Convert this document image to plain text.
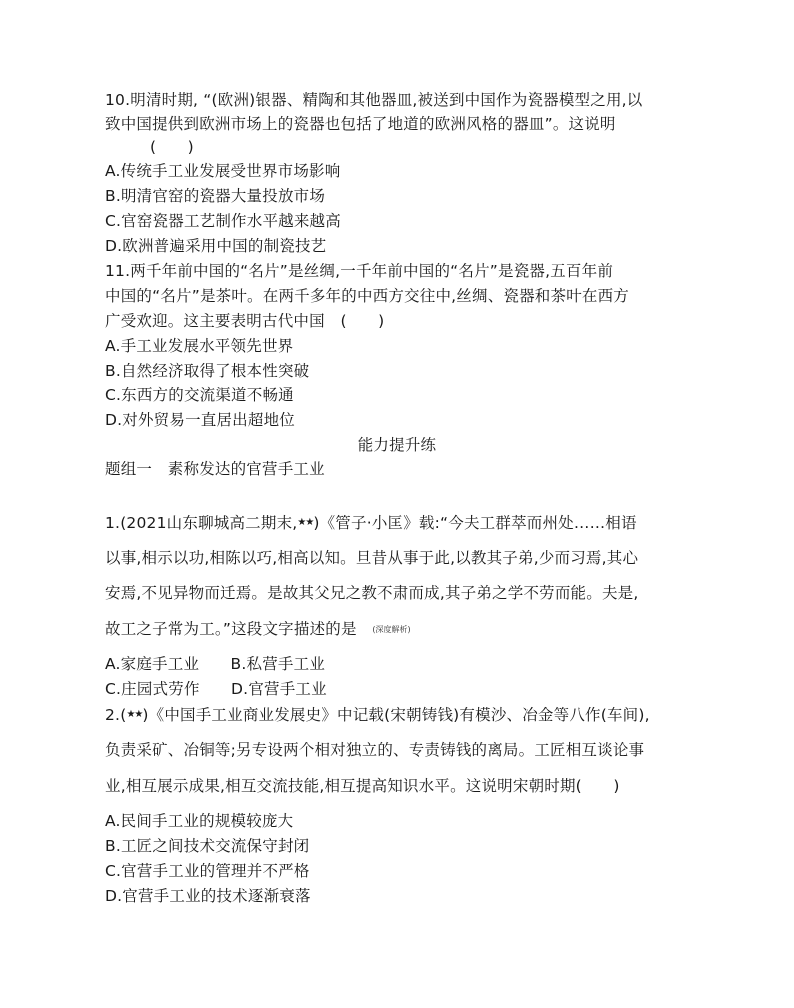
10.明清时期, “(欧洲)银器、精陶和其他器皿,被送到中国作为瓷器模型之用,以
致中国提供到欧洲市场上的瓷器也包括了地道的欧洲风格的器皿”。这说明
(　　)
A.传统手工业发展受世界市场影响
B.明清官窑的瓷器大量投放市场
C.官窑瓷器工艺制作水平越来越高
D.欧洲普遍采用中国的制瓷技艺
11.两千年前中国的“名片”是丝绸,一千年前中国的“名片”是瓷器,五百年前
中国的“名片”是茶叶。在两千多年的中西方交往中,丝绸、瓷器和茶叶在西方
广受欢迎。这主要表明古代中国　(　　)
A.手工业发展水平领先世界
B.自然经济取得了根本性突破
C.东西方的交流渠道不畅通
D.对外贸易一直居出超地位
能力提升练
题组一　素称发达的官营手工业
1.(2021山东聊城高二期末,★★)《管子·小匡》载:“今夫工群萃而州处……相语
以事,相示以功,相陈以巧,相高以知。旦昔从事于此,以教其子弟,少而习焉,其心
安焉,不见异物而迁焉。是故其父兄之教不肃而成,其子弟之学不劳而能。夫是,
故工之子常为工。”这段文字描述的是　(深度解析)
A.家庭手工业　　B.私营手工业
C.庄园式劳作　　D.官营手工业
2.(★★)《中国手工业商业发展史》中记载(宋朝铸钱)有模沙、冶金等八作(车间),
负责采矿、冶铜等;另专设两个相对独立的、专责铸钱的离局。工匠相互谈论事
业,相互展示成果,相互交流技能,相互提高知识水平。这说明宋朝时期(　　)
A.民间手工业的规模较庞大
B.工匠之间技术交流保守封闭
C.官营手工业的管理并不严格
D.官营手工业的技术逐渐衰落
